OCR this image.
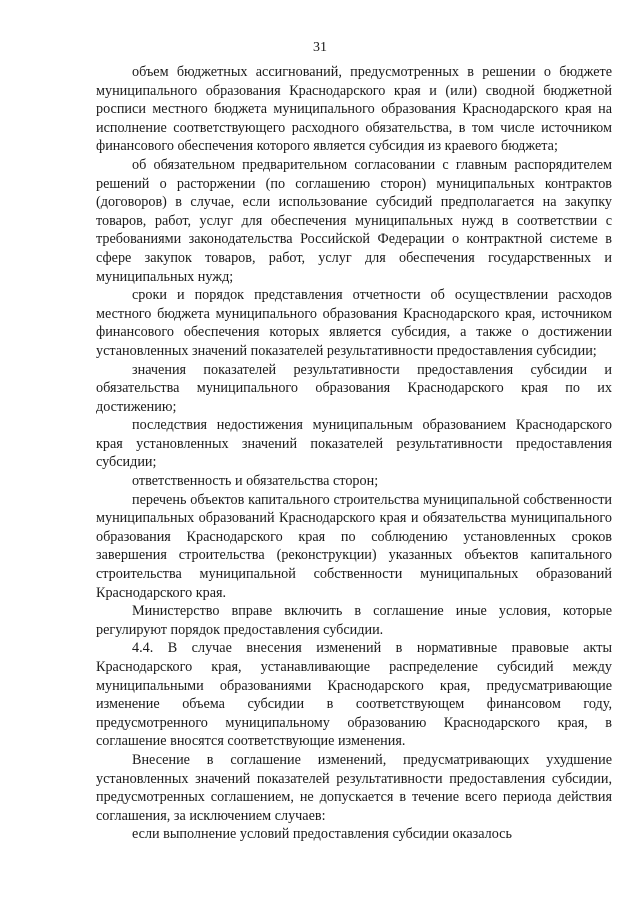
31

объем бюджетных ассигнований, предусмотренных в решении о бюджете муниципального образования Краснодарского края и (или) сводной бюджетной росписи местного бюджета муниципального образования Краснодарского края на исполнение соответствующего расходного обязательства, в том числе источником финансового обеспечения которого является субсидия из краевого бюджета;

об обязательном предварительном согласовании с главным распорядителем решений о расторжении (по соглашению сторон) муниципальных контрактов (договоров) в случае, если использование субсидий предполагается на закупку товаров, работ, услуг для обеспечения муниципальных нужд в соответствии с требованиями законодательства Российской Федерации о контрактной системе в сфере закупок товаров, работ, услуг для обеспечения государственных и муниципальных нужд;

сроки и порядок представления отчетности об осуществлении расходов местного бюджета муниципального образования Краснодарского края, источником финансового обеспечения которых является субсидия, а также о достижении установленных значений показателей результативности предоставления субсидии;

значения показателей результативности предоставления субсидии и обязательства муниципального образования Краснодарского края по их достижению;

последствия недостижения муниципальным образованием Краснодарского края установленных значений показателей результативности предоставления субсидии;

ответственность и обязательства сторон;

перечень объектов капитального строительства муниципальной собственности муниципальных образований Краснодарского края и обязательства муниципального образования Краснодарского края по соблюдению установленных сроков завершения строительства (реконструкции) указанных объектов капитального строительства муниципальной собственности муниципальных образований Краснодарского края.

Министерство вправе включить в соглашение иные условия, которые регулируют порядок предоставления субсидии.

4.4. В случае внесения изменений в нормативные правовые акты Краснодарского края, устанавливающие распределение субсидий между муниципальными образованиями Краснодарского края, предусматривающие изменение объема субсидии в соответствующем финансовом году, предусмотренного муниципальному образованию Краснодарского края, в соглашение вносятся соответствующие изменения.

Внесение в соглашение изменений, предусматривающих ухудшение установленных значений показателей результативности предоставления субсидии, предусмотренных соглашением, не допускается в течение всего периода действия соглашения, за исключением случаев:

если выполнение условий предоставления субсидии оказалось
